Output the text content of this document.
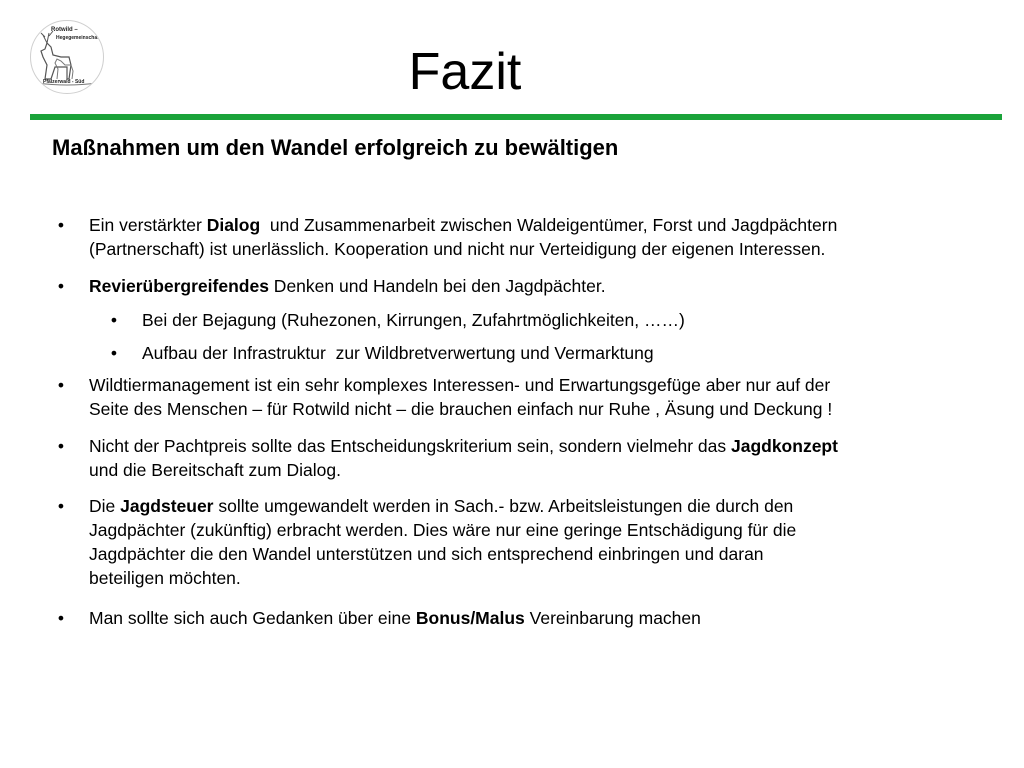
Rotwild –
Hegegemeinschaft
Pfälzerwald - Süd	Fazit
Maßnahmen um den Wandel erfolgreich zu bewältigen
• Ein verstärkter Dialog  und Zusammenarbeit zwischen Waldeigentümer, Forst und Jagdpächtern
(Partnerschaft) ist unerlässlich. Kooperation und nicht nur Verteidigung der eigenen Interessen.
• Revierübergreifendes Denken und Handeln bei den Jagdpächter.
• Bei der Bejagung (Ruhezonen, Kirrungen, Zufahrtmöglichkeiten, ……)
• Aufbau der Infrastruktur  zur Wildbretverwertung und Vermarktung
• Wildtiermanagement ist ein sehr komplexes Interessen- und Erwartungsgefüge aber nur auf der
Seite des Menschen – für Rotwild nicht – die brauchen einfach nur Ruhe , Äsung und Deckung !
• Nicht der Pachtpreis sollte das Entscheidungskriterium sein, sondern vielmehr das Jagdkonzept
und die Bereitschaft zum Dialog.
• Die Jagdsteuer sollte umgewandelt werden in Sach.- bzw. Arbeitsleistungen die durch den
Jagdpächter (zukünftig) erbracht werden. Dies wäre nur eine geringe Entschädigung für die
Jagdpächter die den Wandel unterstützen und sich entsprechend einbringen und daran
beteiligen möchten.
• Man sollte sich auch Gedanken über eine Bonus/Malus Vereinbarung machen
